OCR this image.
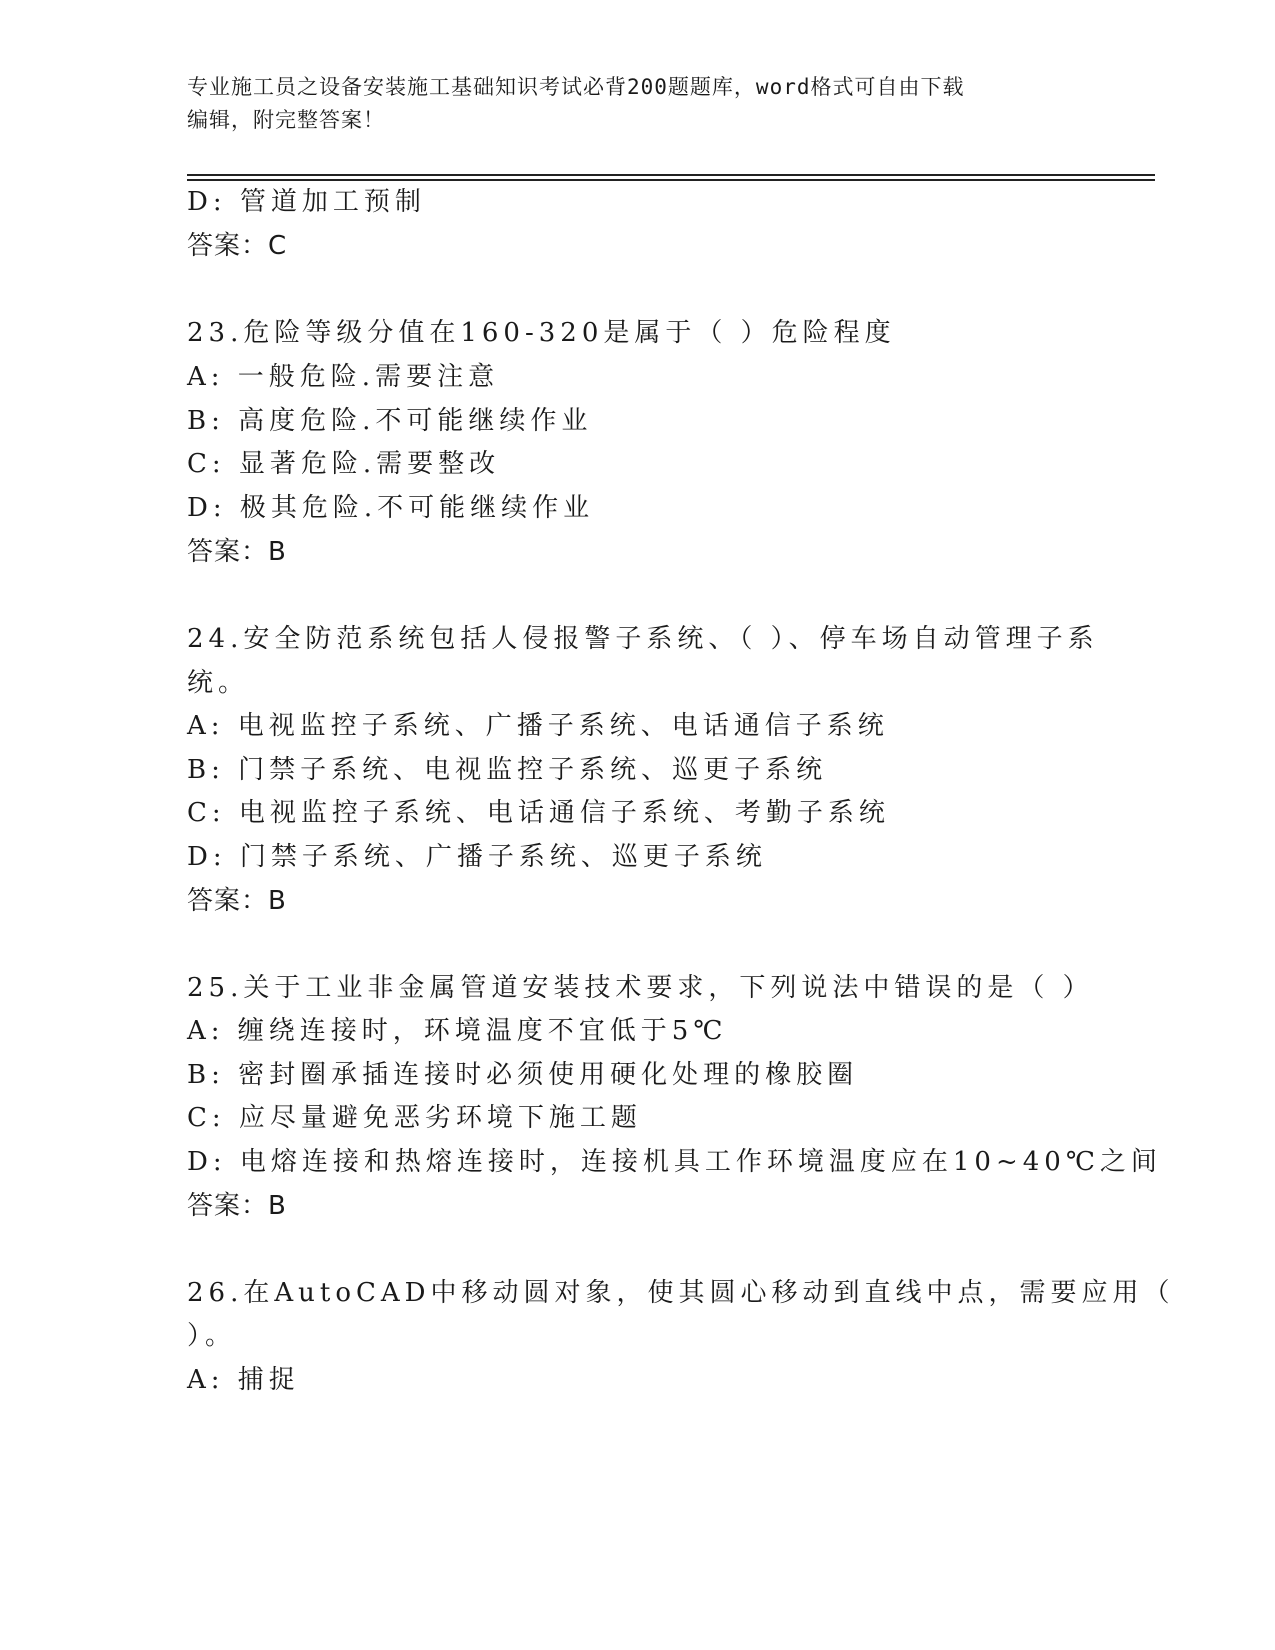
专业施工员之设备安装施工基础知识考试必背200题题库，word格式可自由下载
编辑，附完整答案！
D: 管道加工预制
答案：C
23.危险等级分值在160-320是属于（ ）危险程度
A: 一般危险.需要注意
B: 高度危险.不可能继续作业
C: 显著危险.需要整改
D: 极其危险.不可能继续作业
答案：B
24.安全防范系统包括人侵报警子系统、（ ）、停车场自动管理子系
统。
A: 电视监控子系统、广播子系统、电话通信子系统
B: 门禁子系统、电视监控子系统、巡更子系统
C: 电视监控子系统、电话通信子系统、考勤子系统
D: 门禁子系统、广播子系统、巡更子系统
答案：B
25.关于工业非金属管道安装技术要求，下列说法中错误的是（ ）
A: 缠绕连接时，环境温度不宜低于5℃
B: 密封圈承插连接时必须使用硬化处理的橡胶圈
C: 应尽量避免恶劣环境下施工题
D: 电熔连接和热熔连接时，连接机具工作环境温度应在10~40℃之间
答案：B
26.在AutoCAD中移动圆对象，使其圆心移动到直线中点，需要应用（
）。
A: 捕捉
